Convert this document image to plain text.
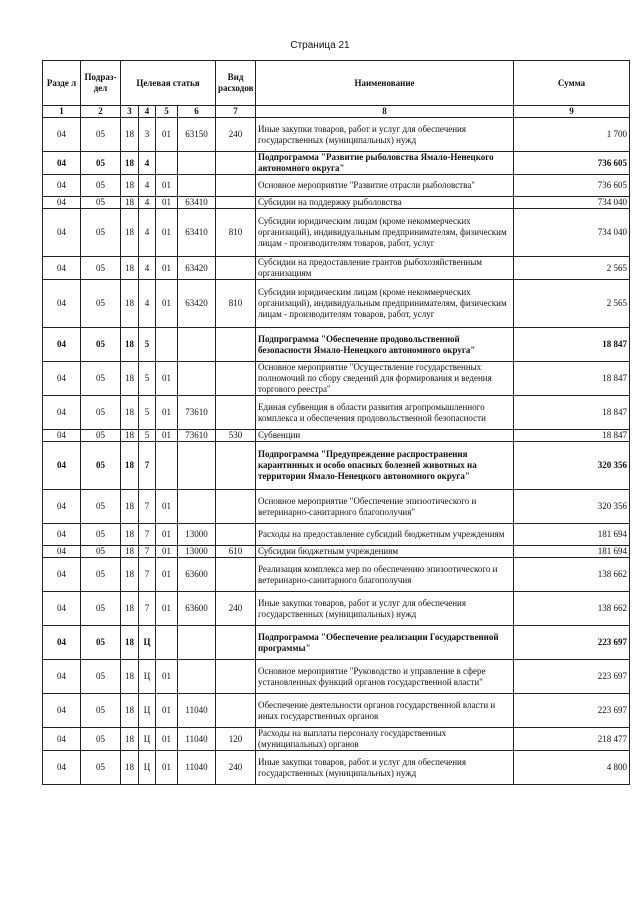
Страница 21
Разде л	Подраз- дел	Целевая статья				Вид расходов	Наименование	Сумма
1	2	3	4	5	6	7	8	9
04	05	18	3	01	63150	240	Иные закупки товаров, работ и услуг для обеспечения государственных (муниципальных) нужд	1 700
04	05	18	4				Подпрограмма "Развитие рыболовства Ямало-Ненецкого автономного округа"	736 605
04	05	18	4	01			Основное мероприятие "Развитие отрасли рыболовства"	736 605
04	05	18	4	01	63410		Субсидии на поддержку рыболовства	734 040
04	05	18	4	01	63410	810	Субсидии юридическим лицам (кроме некоммерческих организаций), индивидуальным предпринимателям, физическим лицам - производителям товаров, работ, услуг	734 040
04	05	18	4	01	63420		Субсидии на предоставление грантов рыбохозяйственным организациям	2 565
04	05	18	4	01	63420	810	Субсидии юридическим лицам (кроме некоммерческих организаций), индивидуальным предпринимателям, физическим лицам - производителям товаров, работ, услуг	2 565
04	05	18	5				Подпрограмма "Обеспечение продовольственной безопасности Ямало-Ненецкого автономного округа"	18 847
04	05	18	5	01			Основное мероприятие "Осуществление государственных полномочий по сбору сведений для формирования и ведения торгового реестра"	18 847
04	05	18	5	01	73610		Единая субвенция в области развития агропромышленного комплекса и обеспечения продовольственной безопасности	18 847
04	05	18	5	01	73610	530	Субвенции	18 847
04	05	18	7				Подпрограмма "Предупреждение распространения карантинных и особо опасных болезней животных на территории Ямало-Ненецкого автономного округа"	320 356
04	05	18	7	01			Основное мероприятие "Обеспечение эпизоотического и ветеринарно-санитарного благополучия"	320 356
04	05	18	7	01	13000		Расходы на предоставление субсидий бюджетным учреждениям	181 694
04	05	18	7	01	13000	610	Субсидии бюджетным учреждениям	181 694
04	05	18	7	01	63600		Реализация комплекса мер по обеспечению эпизоотического и ветеринарно-санитарного благополучия	138 662
04	05	18	7	01	63600	240	Иные закупки товаров, работ и услуг для обеспечения государственных (муниципальных) нужд	138 662
04	05	18	Ц				Подпрограмма "Обеспечение реализации Государственной программы"	223 697
04	05	18	Ц	01			Основное мероприятие "Руководство и управление в сфере установленных функций органов государственной власти"	223 697
04	05	18	Ц	01	11040		Обеспечение деятельности органов государственной власти и иных государственных органов	223 697
04	05	18	Ц	01	11040	120	Расходы на выплаты персоналу государственных (муниципальных) органов	218 477
04	05	18	Ц	01	11040	240	Иные закупки товаров, работ и услуг для обеспечения государственных (муниципальных) нужд	4 800
